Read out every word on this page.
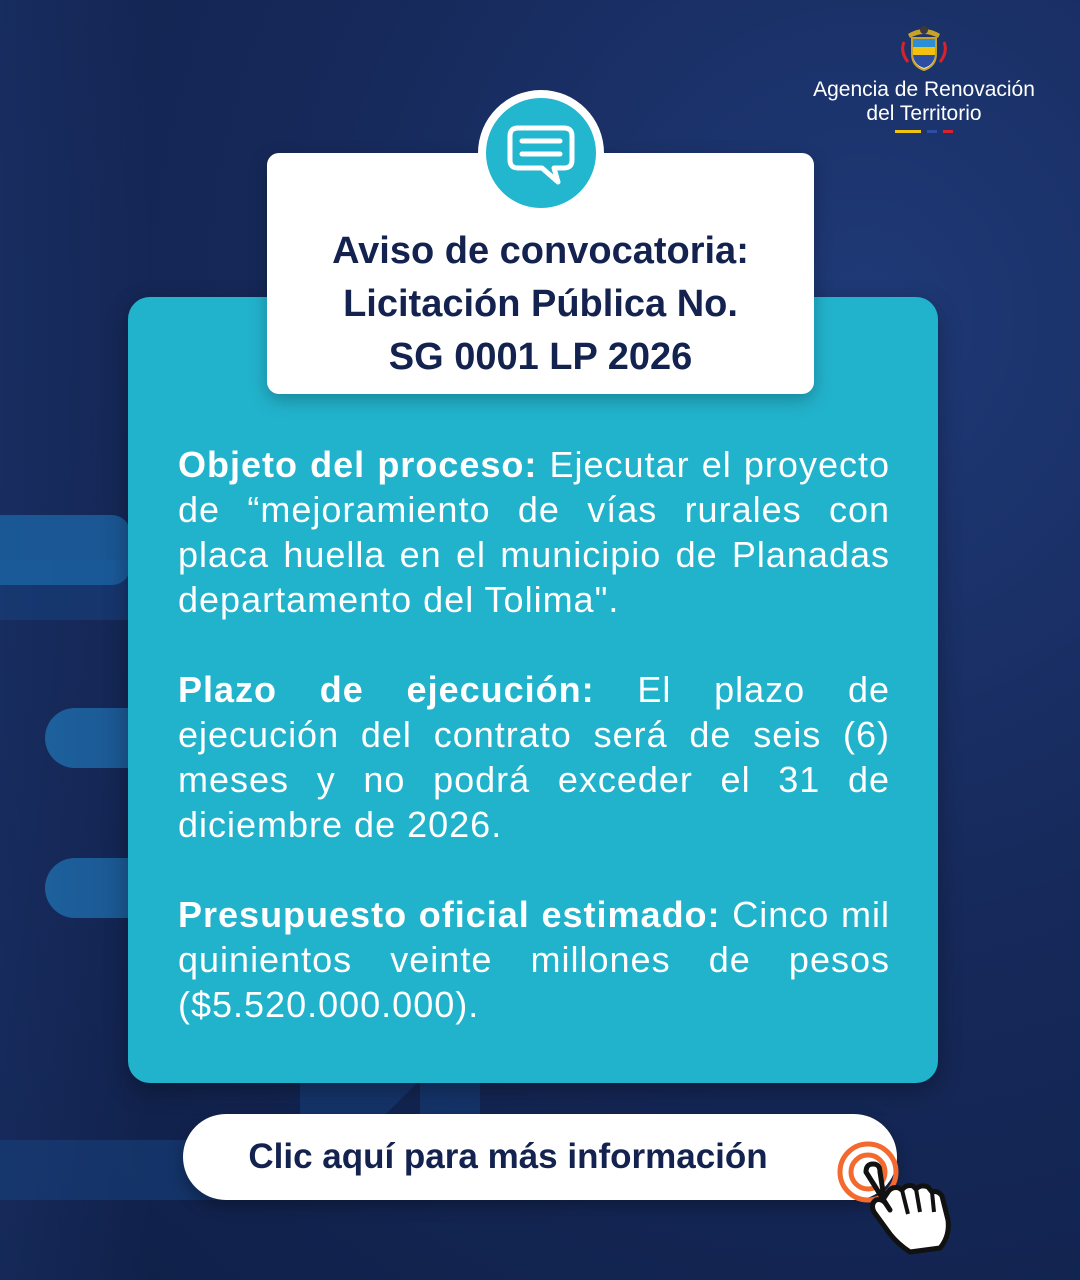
Agencia de Renovación
del Territorio

Objeto del proceso: Ejecutar el proyecto de “mejoramiento de vías rurales con placa huella en el municipio de Planadas departamento del Tolima".

Plazo de ejecución: El plazo de ejecución del contrato será de seis (6) meses y no podrá exceder el 31 de diciembre de 2026.

Presupuesto oficial estimado: Cinco mil quinientos veinte millones de pesos ($5.520.000.000).

Aviso de convocatoria:
Licitación Pública No.
SG 0001 LP 2026
Clic aquí para más información
